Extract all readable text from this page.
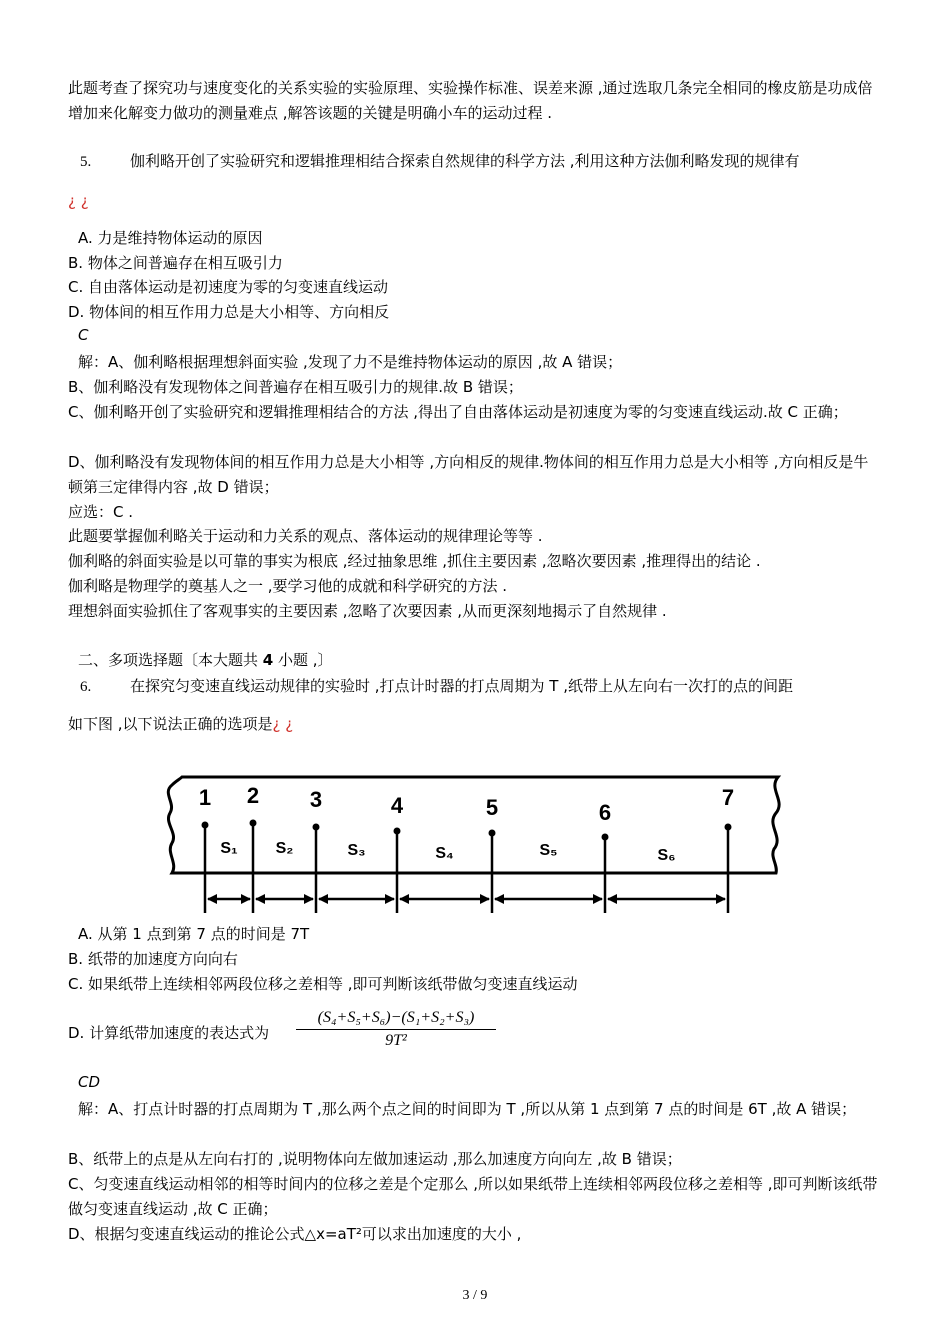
此题考查了探究功与速度变化的关系实验的实验原理、实验操作标准、误差来源 ,通过选取几条完全相同的橡皮筋是功成倍增加来化解变力做功的测量难点 ,解答该题的关键是明确小车的运动过程 .
5.	伽利略开创了实验研究和逻辑推理相结合探索自然规律的科学方法 ,利用这种方法伽利略发现的规律有
¿ ¿
A. 力是维持物体运动的原因
B. 物体之间普遍存在相互吸引力
C. 自由落体运动是初速度为零的匀变速直线运动
D. 物体间的相互作用力总是大小相等、方向相反
C
解：A、伽利略根据理想斜面实验 ,发现了力不是维持物体运动的原因 ,故 A 错误；
B、伽利略没有发现物体之间普遍存在相互吸引力的规律.故 B 错误；
C、伽利略开创了实验研究和逻辑推理相结合的方法 ,得出了自由落体运动是初速度为零的匀变速直线运动.故 C 正确；
D、伽利略没有发现物体间的相互作用力总是大小相等 ,方向相反的规律.物体间的相互作用力总是大小相等 ,方向相反是牛顿第三定律得内容 ,故 D 错误；
应选：C .
此题要掌握伽利略关于运动和力关系的观点、落体运动的规律理论等等 .
伽利略的斜面实验是以可靠的事实为根底 ,经过抽象思维 ,抓住主要因素 ,忽略次要因素 ,推理得出的结论 .
伽利略是物理学的奠基人之一 ,要学习他的成就和科学研究的方法 .
理想斜面实验抓住了客观事实的主要因素 ,忽略了次要因素 ,从而更深刻地揭示了自然规律 .
二、多项选择题〔本大题共 4 小题 ,〕
6.	在探究匀变速直线运动规律的实验时 ,打点计时器的打点周期为 T ,纸带上从左向右一次打的点的间距
如下图 ,以下说法正确的选项是¿ ¿
1 2 3	4	5	6
7
S₁ S₂	S₃	S₄	S₅	S₆
A. 从第 1 点到第 7 点的时间是 7T
B. 纸带的加速度方向向右
C. 如果纸带上连续相邻两段位移之差相等 ,即可判断该纸带做匀变速直线运动
D. 计算纸带加速度的表达式为 $\frac{\text{(S₄+S₅+S₆)−(S₁+S₂+S₃)}}{\text{9T²}}$
CD
解：A、打点计时器的打点周期为 T ,那么两个点之间的时间即为 T ,所以从第 1 点到第 7 点的时间是 6T ,故 A 错误；
B、纸带上的点是从左向右打的 ,说明物体向左做加速运动 ,那么加速度方向向左 ,故 B 错误；
C、匀变速直线运动相邻的相等时间内的位移之差是个定那么 ,所以如果纸带上连续相邻两段位移之差相等 ,即可判断该纸带做匀变速直线运动 ,故 C 正确；
D、根据匀变速直线运动的推论公式△x=aT²可以求出加速度的大小 ,
3 / 9
